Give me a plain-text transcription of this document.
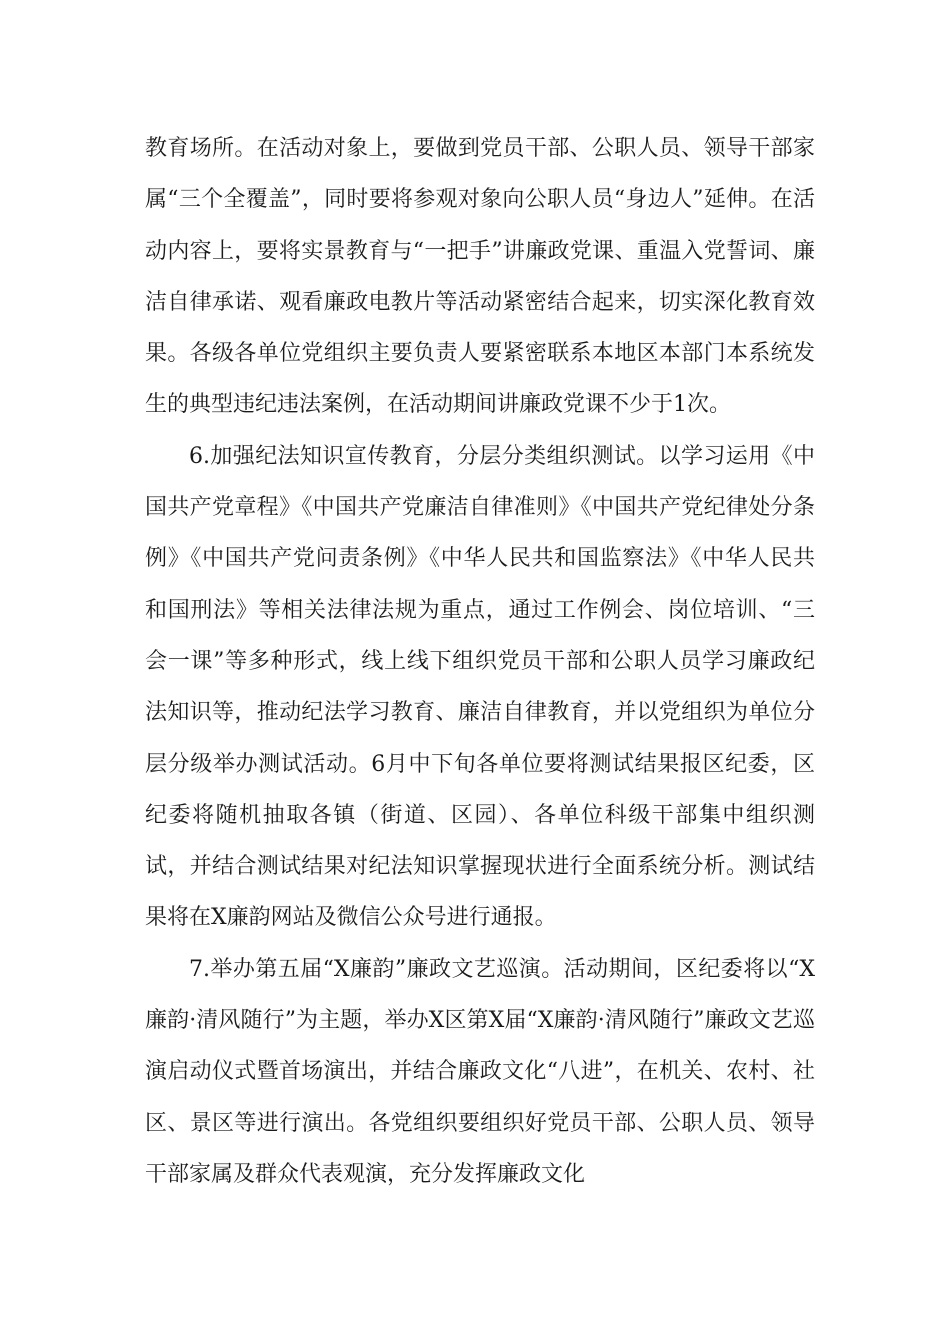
教育场所。在活动对象上，要做到党员干部、公职人员、领导干部家属“三个全覆盖”，同时要将参观对象向公职人员“身边人”延伸。在活动内容上，要将实景教育与“一把手”讲廉政党课、重温入党誓词、廉洁自律承诺、观看廉政电教片等活动紧密结合起来，切实深化教育效果。各级各单位党组织主要负责人要紧密联系本地区本部门本系统发生的典型违纪违法案例，在活动期间讲廉政党课不少于1次。

6.加强纪法知识宣传教育，分层分类组织测试。以学习运用《中国共产党章程》《中国共产党廉洁自律准则》《中国共产党纪律处分条例》《中国共产党问责条例》《中华人民共和国监察法》《中华人民共和国刑法》等相关法律法规为重点，通过工作例会、岗位培训、“三会一课”等多种形式，线上线下组织党员干部和公职人员学习廉政纪法知识等，推动纪法学习教育、廉洁自律教育，并以党组织为单位分层分级举办测试活动。6月中下旬各单位要将测试结果报区纪委，区纪委将随机抽取各镇（街道、区园）、各单位科级干部集中组织测试，并结合测试结果对纪法知识掌握现状进行全面系统分析。测试结果将在X廉韵网站及微信公众号进行通报。

7.举办第五届“X廉韵”廉政文艺巡演。活动期间，区纪委将以“X廉韵·清风随行”为主题，举办X区第X届“X廉韵·清风随行”廉政文艺巡演启动仪式暨首场演出，并结合廉政文化“八进”，在机关、农村、社区、景区等进行演出。各党组织要组织好党员干部、公职人员、领导干部家属及群众代表观演，充分发挥廉政文化
